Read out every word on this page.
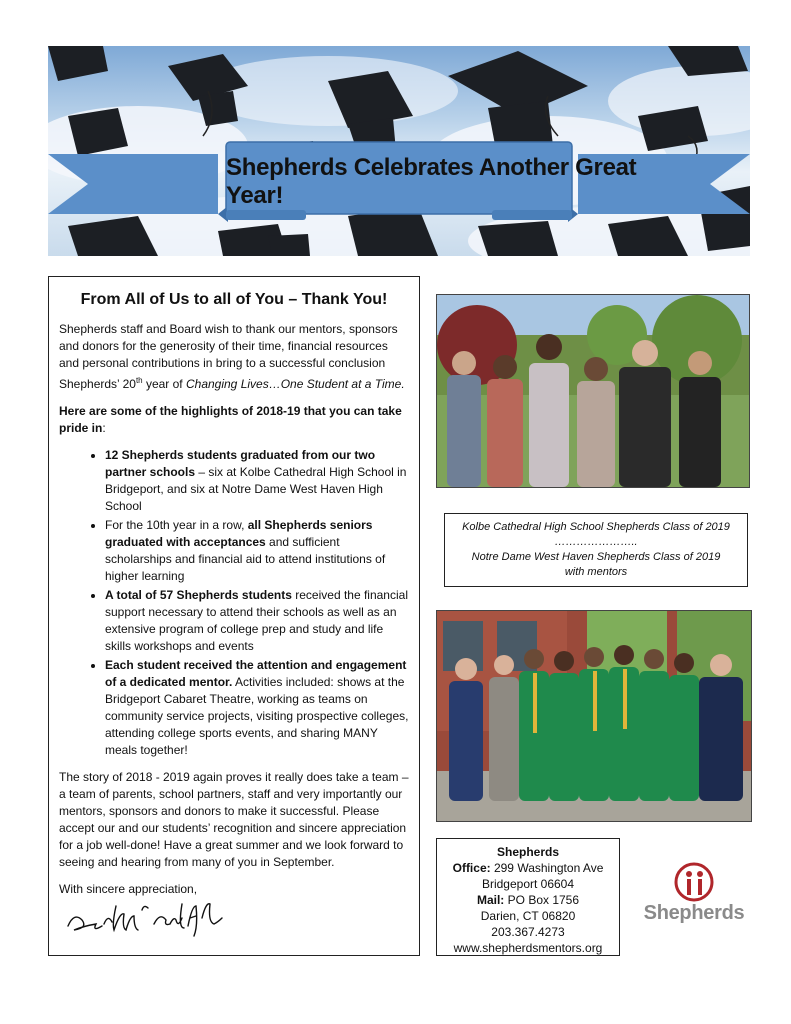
Shepherds Celebrates Another Great Year!
From All of Us to all of You – Thank You!

Shepherds staff and Board wish to thank our mentors, sponsors and donors for the generosity of their time, financial resources and personal contributions in bring to a successful conclusion Shepherds’ 20th year of Changing Lives…One Student at a Time.

Here are some of the highlights of 2018-19 that you can take pride in:

• 12 Shepherds students graduated from our two partner schools – six at Kolbe Cathedral High School in Bridgeport, and six at Notre Dame West Haven High School
• For the 10th year in a row, all Shepherds seniors graduated with acceptances and sufficient scholarships and financial aid to attend institutions of higher learning
• A total of 57 Shepherds students received the financial support necessary to attend their schools as well as an extensive program of college prep and study and life skills workshops and events
• Each student received the attention and engagement of a dedicated mentor. Activities included: shows at the Bridgeport Cabaret Theatre, working as teams on community service projects, visiting prospective colleges, attending college sports events, and sharing MANY meals together!

The story of 2018 - 2019 again proves it really does take a team – a team of parents, school partners, staff and very importantly our mentors, sponsors and donors to make it successful. Please accept our and our students’ recognition and sincere appreciation for a job well-done! Have a great summer and we look forward to seeing and hearing from many of you in September.

With sincere appreciation,

Kolbe Cathedral High School Shepherds Class of 2019
…………………..
Notre Dame West Haven Shepherds Class of 2019
with mentors
Shepherds
Office: 299 Washington Ave
Bridgeport 06604
Mail: PO Box 1756
Darien, CT 06820
203.367.4273
www.shepherdsmentors.org
Shepherds
